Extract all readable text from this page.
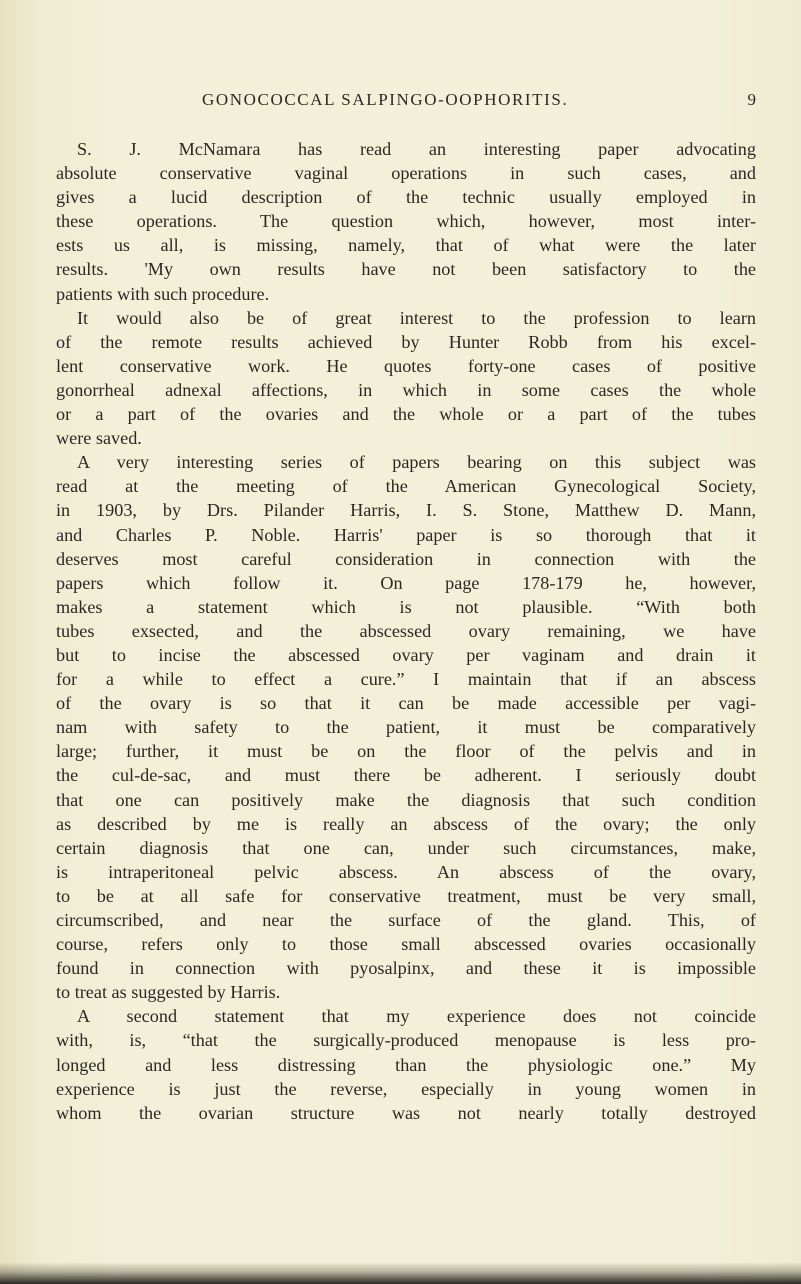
GONOCOCCAL SALPINGO-OOPHORITIS.	9
S. J. McNamara has read an interesting paper advocating
absolute conservative vaginal operations in such cases, and
gives a lucid description of the technic usually employed in
these operations. The question which, however, most inter-
ests us all, is missing, namely, that of what were the later
results. 'My own results have not been satisfactory to the
patients with such procedure.
It would also be of great interest to the profession to learn
of the remote results achieved by Hunter Robb from his excel-
lent conservative work. He quotes forty-one cases of positive
gonorrheal adnexal affections, in which in some cases the whole
or a part of the ovaries and the whole or a part of the tubes
were saved.
A very interesting series of papers bearing on this subject was
read at the meeting of the American Gynecological Society,
in 1903, by Drs. Pilander Harris, I. S. Stone, Matthew D. Mann,
and Charles P. Noble. Harris' paper is so thorough that it
deserves most careful consideration in connection with the
papers which follow it. On page 178-179 he, however,
makes a statement which is not plausible. “With both
tubes exsected, and the abscessed ovary remaining, we have
but to incise the abscessed ovary per vaginam and drain it
for a while to effect a cure.” I maintain that if an abscess
of the ovary is so that it can be made accessible per vagi-
nam with safety to the patient, it must be comparatively
large; further, it must be on the floor of the pelvis and in
the cul-de-sac, and must there be adherent. I seriously doubt
that one can positively make the diagnosis that such condition
as described by me is really an abscess of the ovary; the only
certain diagnosis that one can, under such circumstances, make,
is intraperitoneal pelvic abscess. An abscess of the ovary,
to be at all safe for conservative treatment, must be very small,
circumscribed, and near the surface of the gland. This, of
course, refers only to those small abscessed ovaries occasionally
found in connection with pyosalpinx, and these it is impossible
to treat as suggested by Harris.
A second statement that my experience does not coincide
with, is, “that the surgically-produced menopause is less pro-
longed and less distressing than the physiologic one.” My
experience is just the reverse, especially in young women in
whom the ovarian structure was not nearly totally destroyed
